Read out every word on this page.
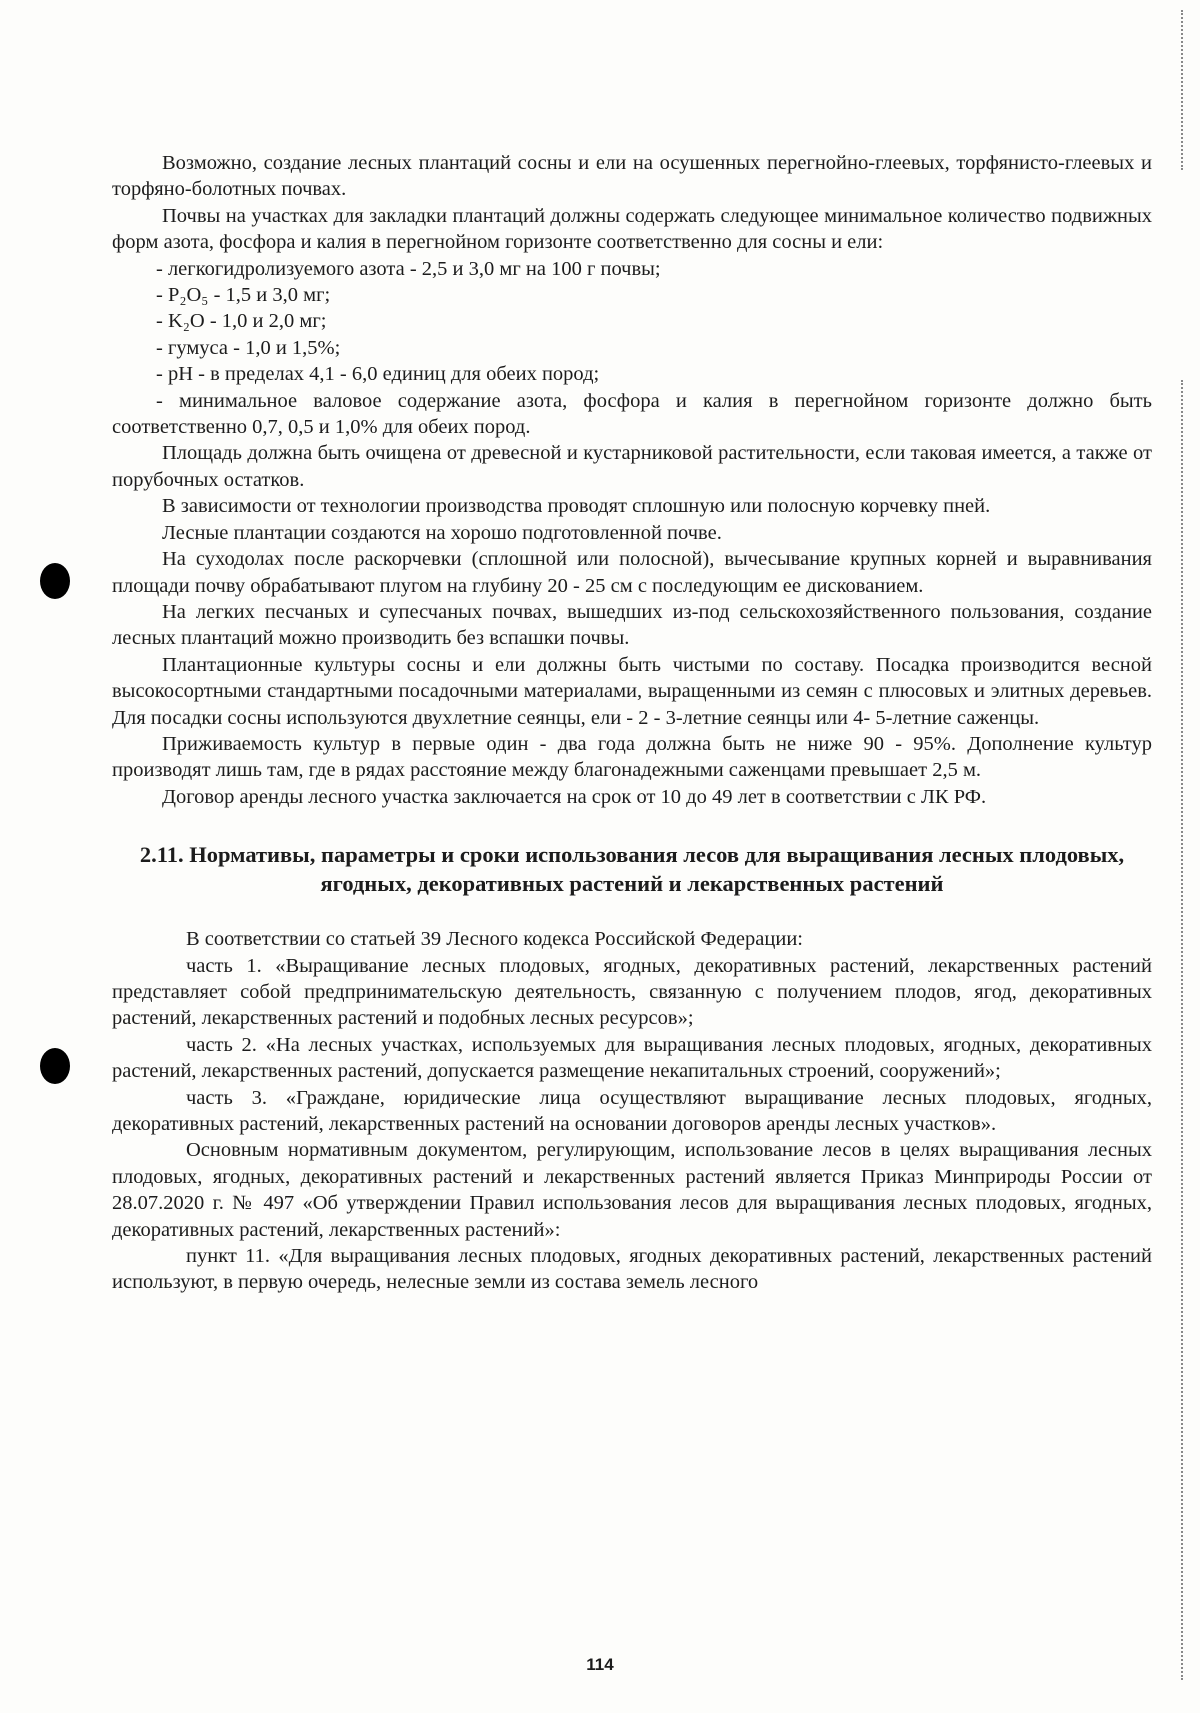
Возможно, создание лесных плантаций сосны и ели на осушенных перегнойно-глеевых, торфянисто-глеевых и торфяно-болотных почвах.

Почвы на участках для закладки плантаций должны содержать следующее минимальное количество подвижных форм азота, фосфора и калия в перегнойном горизонте соответственно для сосны и ели:

- легкогидролизуемого азота - 2,5 и 3,0 мг на 100 г почвы;

- P₂O₅ - 1,5 и 3,0 мг;

- K₂O - 1,0 и 2,0 мг;

- гумуса - 1,0 и 1,5%;

- pH - в пределах 4,1 - 6,0 единиц для обеих пород;

- минимальное валовое содержание азота, фосфора и калия в перегнойном горизонте должно быть соответственно 0,7, 0,5 и 1,0% для обеих пород.

Площадь должна быть очищена от древесной и кустарниковой растительности, если таковая имеется, а также от порубочных остатков.

В зависимости от технологии производства проводят сплошную или полосную корчевку пней.

Лесные плантации создаются на хорошо подготовленной почве.

На суходолах после раскорчевки (сплошной или полосной), вычесывание крупных корней и выравнивания площади почву обрабатывают плугом на глубину 20 - 25 см с последующим ее дискованием.

На легких песчаных и супесчаных почвах, вышедших из-под сельскохозяйственного пользования, создание лесных плантаций можно производить без вспашки почвы.

Плантационные культуры сосны и ели должны быть чистыми по составу. Посадка производится весной высокосортными стандартными посадочными материалами, выращенными из семян с плюсовых и элитных деревьев. Для посадки сосны используются двухлетние сеянцы, ели - 2 - 3-летние сеянцы или 4- 5-летние саженцы.

Приживаемость культур в первые один - два года должна быть не ниже 90 - 95%. Дополнение культур производят лишь там, где в рядах расстояние между благонадежными саженцами превышает 2,5 м.

Договор аренды лесного участка заключается на срок от 10 до 49 лет в соответствии с ЛК РФ.

2.11. Нормативы, параметры и сроки использования лесов для выращивания лесных плодовых, ягодных, декоративных растений и лекарственных растений

В соответствии со статьей 39 Лесного кодекса Российской Федерации:

часть 1. «Выращивание лесных плодовых, ягодных, декоративных растений, лекарственных растений представляет собой предпринимательскую деятельность, связанную с получением плодов, ягод, декоративных растений, лекарственных растений и подобных лесных ресурсов»;

часть 2. «На лесных участках, используемых для выращивания лесных плодовых, ягодных, декоративных растений, лекарственных растений, допускается размещение некапитальных строений, сооружений»;

часть 3. «Граждане, юридические лица осуществляют выращивание лесных плодовых, ягодных, декоративных растений, лекарственных растений на основании договоров аренды лесных участков».

Основным нормативным документом, регулирующим, использование лесов в целях выращивания лесных плодовых, ягодных, декоративных растений и лекарственных растений является Приказ Минприроды России от 28.07.2020 г. № 497 «Об утверждении Правил использования лесов для выращивания лесных плодовых, ягодных, декоративных растений, лекарственных растений»:

пункт 11. «Для выращивания лесных плодовых, ягодных декоративных растений, лекарственных растений используют, в первую очередь, нелесные земли из состава земель лесного

114
